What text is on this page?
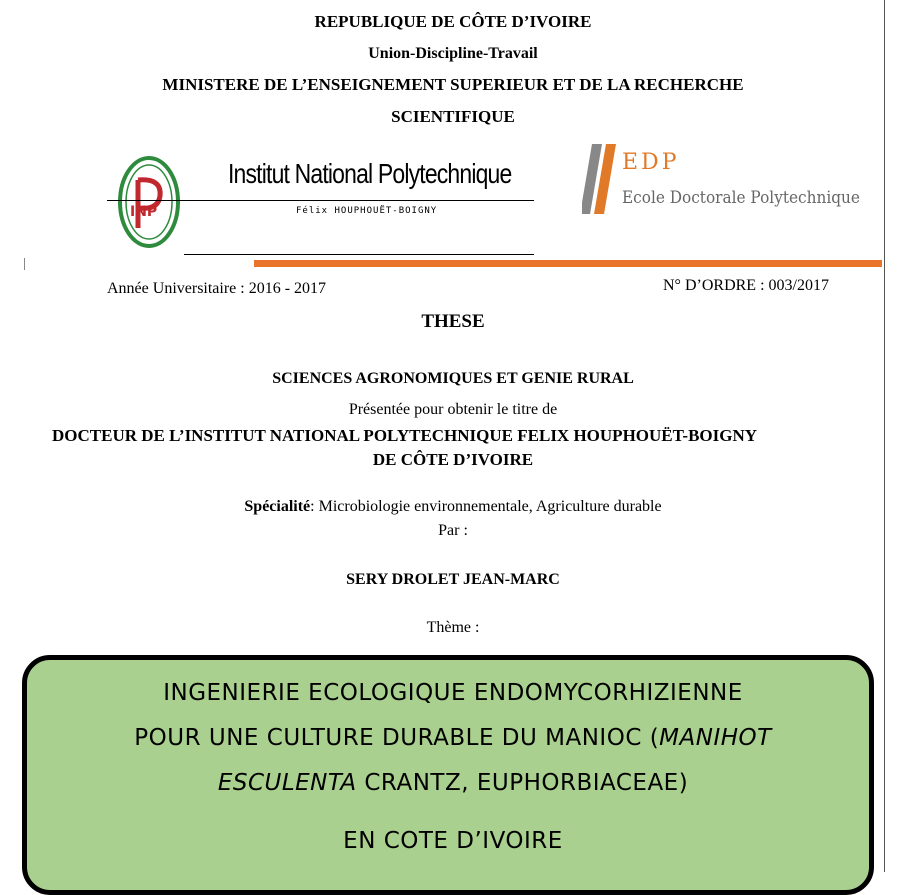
REPUBLIQUE DE CÔTE D’IVOIRE
Union-Discipline-Travail
MINISTERE DE L’ENSEIGNEMENT SUPERIEUR ET DE LA RECHERCHE
SCIENTIFIQUE
INP
Institut National Polytechnique
Félix HOUPHOUËT-BOIGNY
EDP
Ecole Doctorale Polytechnique
Année Universitaire : 2016 - 2017	N° D’ORDRE : 003/2017
THESE
SCIENCES AGRONOMIQUES ET GENIE RURAL
Présentée pour obtenir le titre de
DOCTEUR DE L’INSTITUT NATIONAL POLYTECHNIQUE FELIX HOUPHOUËT-BOIGNY
DE CÔTE D’IVOIRE
Spécialité: Microbiologie environnementale, Agriculture durable
Par :
SERY DROLET JEAN-MARC
Thème :
INGENIERIE ECOLOGIQUE ENDOMYCORHIZIENNE
POUR UNE CULTURE DURABLE DU MANIOC (MANIHOT
ESCULENTA CRANTZ, EUPHORBIACEAE)
EN COTE D’IVOIRE
